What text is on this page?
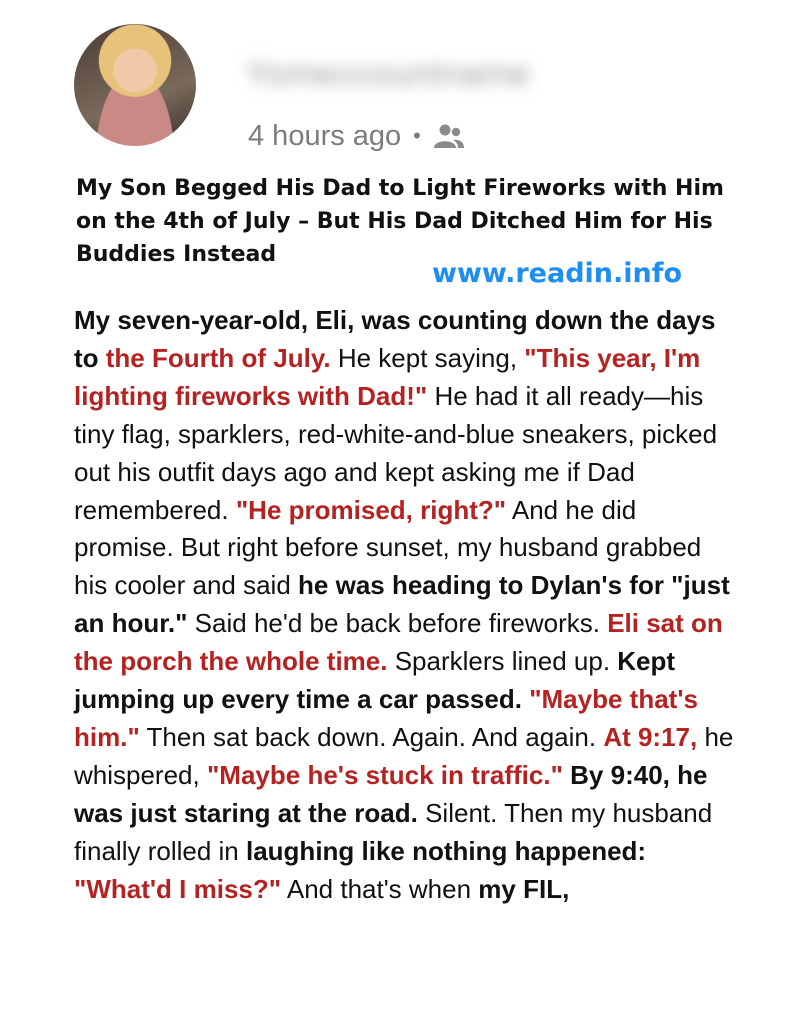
Yomeccountname
4 hours ago •
My Son Begged His Dad to Light Fireworks with Him on the 4th of July – But His Dad Ditched Him for His Buddies Instead
www.readin.info
My seven-year-old, Eli, was counting down the days to the Fourth of July. He kept saying, "This year, I'm lighting fireworks with Dad!" He had it all ready—his tiny flag, sparklers, red-white-and-blue sneakers, picked out his outfit days ago and kept asking me if Dad remembered. "He promised, right?" And he did promise. But right before sunset, my husband grabbed his cooler and said he was heading to Dylan's for "just an hour." Said he'd be back before fireworks. Eli sat on the porch the whole time. Sparklers lined up. Kept jumping up every time a car passed. "Maybe that's him." Then sat back down. Again. And again. At 9:17, he whispered, "Maybe he's stuck in traffic." By 9:40, he was just staring at the road. Silent. Then my husband finally rolled in laughing like nothing happened: "What'd I miss?" And that's when my FIL,
